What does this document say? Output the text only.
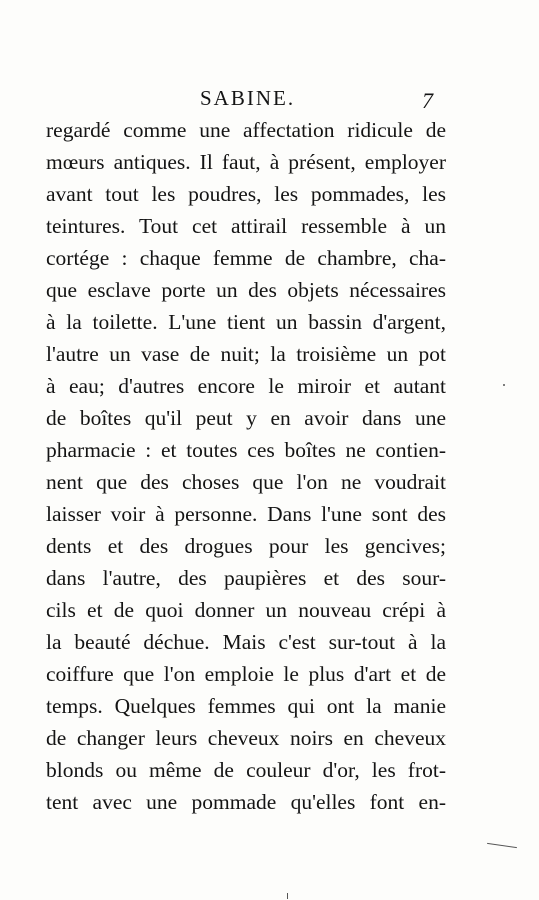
SABINE.	7
regardé comme une affectation ridicule de
mœurs antiques. Il faut, à présent, employer
avant tout les poudres, les pommades, les
teintures. Tout cet attirail ressemble à un
cortége : chaque femme de chambre, cha-
que esclave porte un des objets nécessaires
à la toilette. L'une tient un bassin d'argent,
l'autre un vase de nuit; la troisième un pot
à eau; d'autres encore le miroir et autant
de boîtes qu'il peut y en avoir dans une
pharmacie : et toutes ces boîtes ne contien-
nent que des choses que l'on ne voudrait
laisser voir à personne. Dans l'une sont des
dents et des drogues pour les gencives;
dans l'autre, des paupières et des sour-
cils et de quoi donner un nouveau crépi à
la beauté déchue. Mais c'est sur-tout à la
coiffure que l'on emploie le plus d'art et de
temps. Quelques femmes qui ont la manie
de changer leurs cheveux noirs en cheveux
blonds ou même de couleur d'or, les frot-
tent avec une pommade qu'elles font en-
